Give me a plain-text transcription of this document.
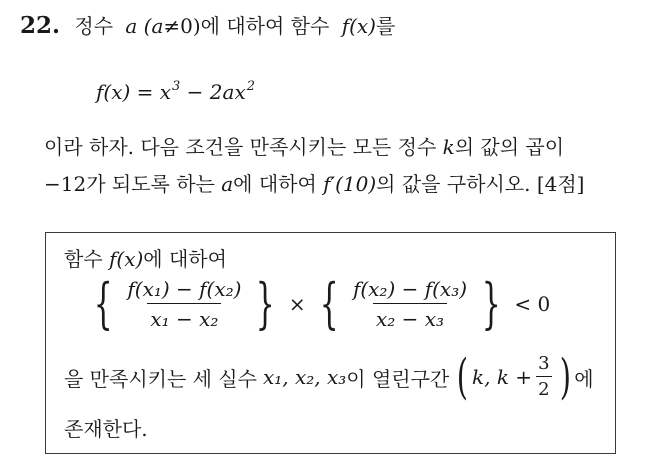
22. 정수 a (a≠0)에 대하여 함수 f(x)를
$f(x) = x^3 - 2ax^2$
이라 하자. 다음 조건을 만족시키는 모든 정수 k의 값의 곱이
−12가 되도록 하는 a에 대하여 f′(10)의 값을 구하시오. [4점]
함수 f(x)에 대하여
{ $\frac{\text{f(x₁) − f(x₂)}}{\text{x₁ − x₂}}$ } × { $\frac{\text{f(x₂) − f(x₃)}}{\text{x₂ − x₃}}$ } < 0
을 만족시키는 세 실수 x₁, x₂, x₃ 이 열린구간 ( k, $k + \frac{3}{2}$ ) 에
존재한다.
